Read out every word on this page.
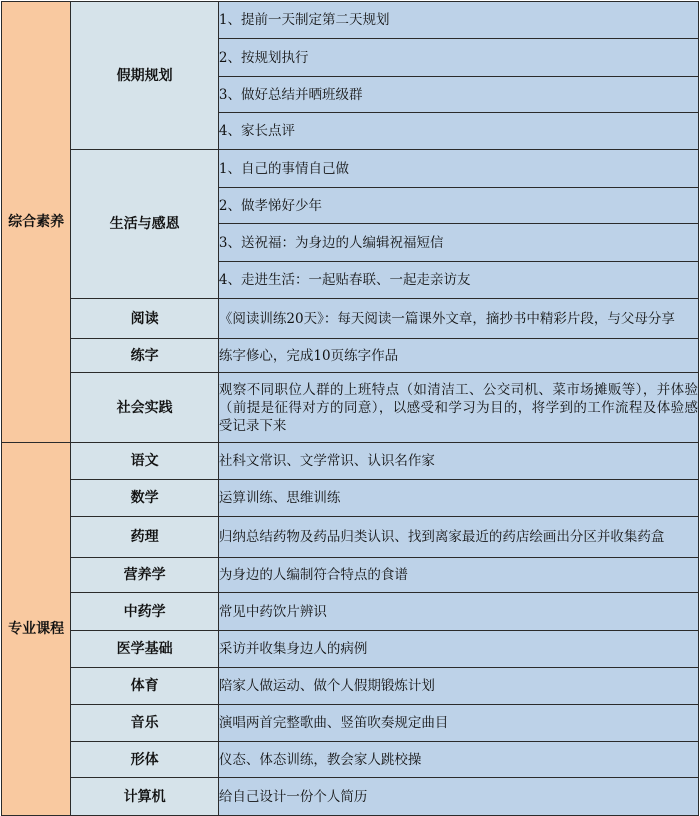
综合素养	假期规划	1、提前一天制定第二天规划
		2、按规划执行
		3、做好总结并晒班级群
		4、家长点评
	生活与感恩	1、自己的事情自己做
		2、做孝悌好少年
		3、送祝福：为身边的人编辑祝福短信
		4、走进生活：一起贴春联、一起走亲访友
	阅读	《阅读训练20天》：每天阅读一篇课外文章，摘抄书中精彩片段，与父母分享
	练字	练字修心，完成10页练字作品
	社会实践	观察不同职位人群的上班特点（如清洁工、公交司机、菜市场摊贩等），并体验（前提是征得对方的同意），以感受和学习为目的，将学到的工作流程及体验感受记录下来
专业课程	语文	社科文常识、文学常识、认识名作家
	数学	运算训练、思维训练
	药理	归纳总结药物及药品归类认识、找到离家最近的药店绘画出分区并收集药盒
	营养学	为身边的人编制符合特点的食谱
	中药学	常见中药饮片辨识
	医学基础	采访并收集身边人的病例
	体育	陪家人做运动、做个人假期锻炼计划
	音乐	演唱两首完整歌曲、竖笛吹奏规定曲目
	形体	仪态、体态训练，教会家人跳校操
	计算机	给自己设计一份个人简历
